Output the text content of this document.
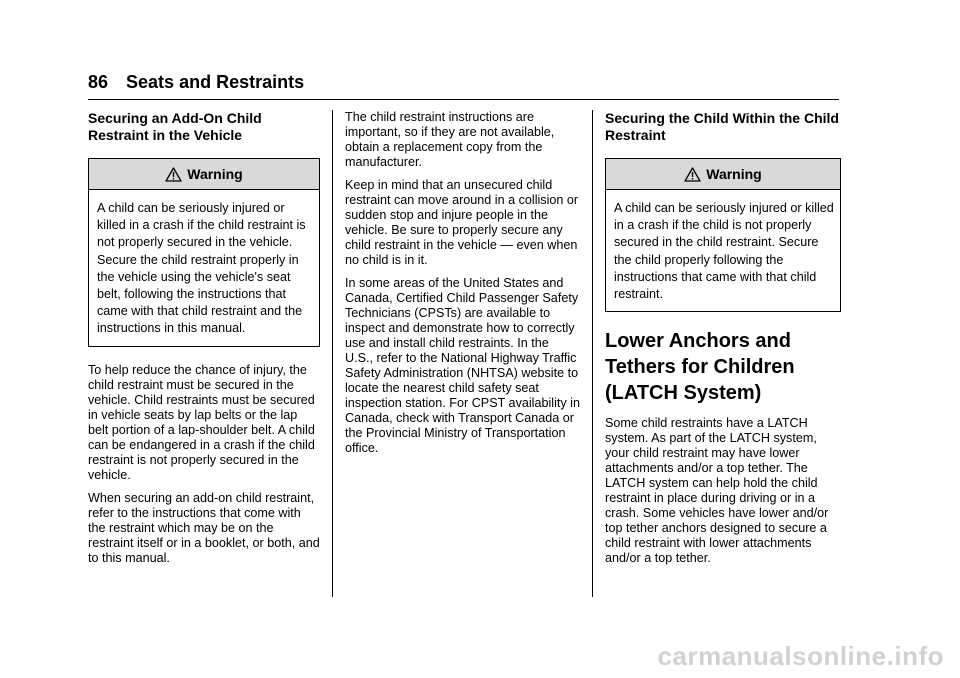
86 Seats and Restraints
Securing an Add-On Child Restraint in the Vehicle
Warning
A child can be seriously injured or killed in a crash if the child restraint is not properly secured in the vehicle. Secure the child restraint properly in the vehicle using the vehicle's seat belt, following the instructions that came with that child restraint and the instructions in this manual.

To help reduce the chance of injury, the child restraint must be secured in the vehicle. Child restraints must be secured in vehicle seats by lap belts or the lap belt portion of a lap-shoulder belt. A child can be endangered in a crash if the child restraint is not properly secured in the vehicle.

When securing an add-on child restraint, refer to the instructions that come with the restraint which may be on the restraint itself or in a booklet, or both, and to this manual.

The child restraint instructions are important, so if they are not available, obtain a replacement copy from the manufacturer.

Keep in mind that an unsecured child restraint can move around in a collision or sudden stop and injure people in the vehicle. Be sure to properly secure any child restraint in the vehicle — even when no child is in it.

In some areas of the United States and Canada, Certified Child Passenger Safety Technicians (CPSTs) are available to inspect and demonstrate how to correctly use and install child restraints. In the U.S., refer to the National Highway Traffic Safety Administration (NHTSA) website to locate the nearest child safety seat inspection station. For CPST availability in Canada, check with Transport Canada or the Provincial Ministry of Transportation office.

Securing the Child Within the Child Restraint
Warning
A child can be seriously injured or killed in a crash if the child is not properly secured in the child restraint. Secure the child properly following the instructions that came with that child restraint.
Lower Anchors and Tethers for Children (LATCH System)

Some child restraints have a LATCH system. As part of the LATCH system, your child restraint may have lower attachments and/or a top tether. The LATCH system can help hold the child restraint in place during driving or in a crash. Some vehicles have lower and/or top tether anchors designed to secure a child restraint with lower attachments and/or a top tether.

carmanualsonline.info
